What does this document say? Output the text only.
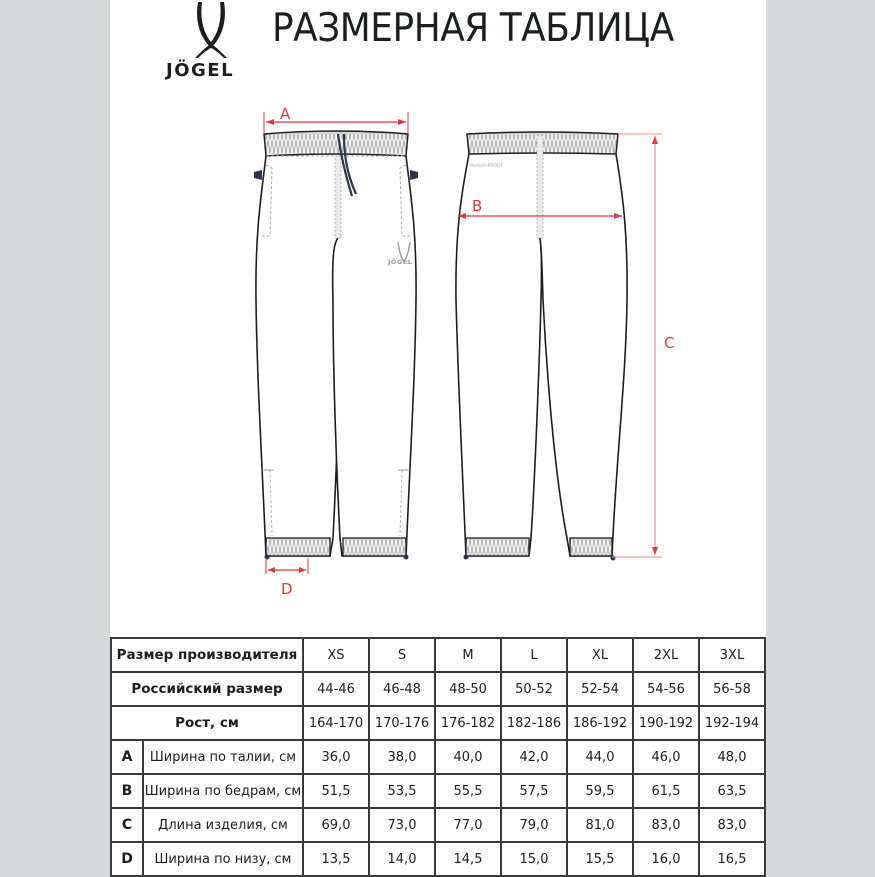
JÖGEL
РАЗМЕРНАЯ ТАБЛИЦА
PerformPROOF
A
B
C
D
JÖGEL
Размер производителя		XS	S	M	L	XL	2XL	3XL
Российский размер		44-46	46-48	48-50	50-52	52-54	54-56	56-58
Рост, см		164-170	170-176	176-182	182-186	186-192	190-192	192-194
A	Ширина по талии, см	36,0	38,0	40,0	42,0	44,0	46,0	48,0
B	Ширина по бедрам, см	51,5	53,5	55,5	57,5	59,5	61,5	63,5
C	Длина изделия, см	69,0	73,0	77,0	79,0	81,0	83,0	83,0
D	Ширина по низу, см	13,5	14,0	14,5	15,0	15,5	16,0	16,5
